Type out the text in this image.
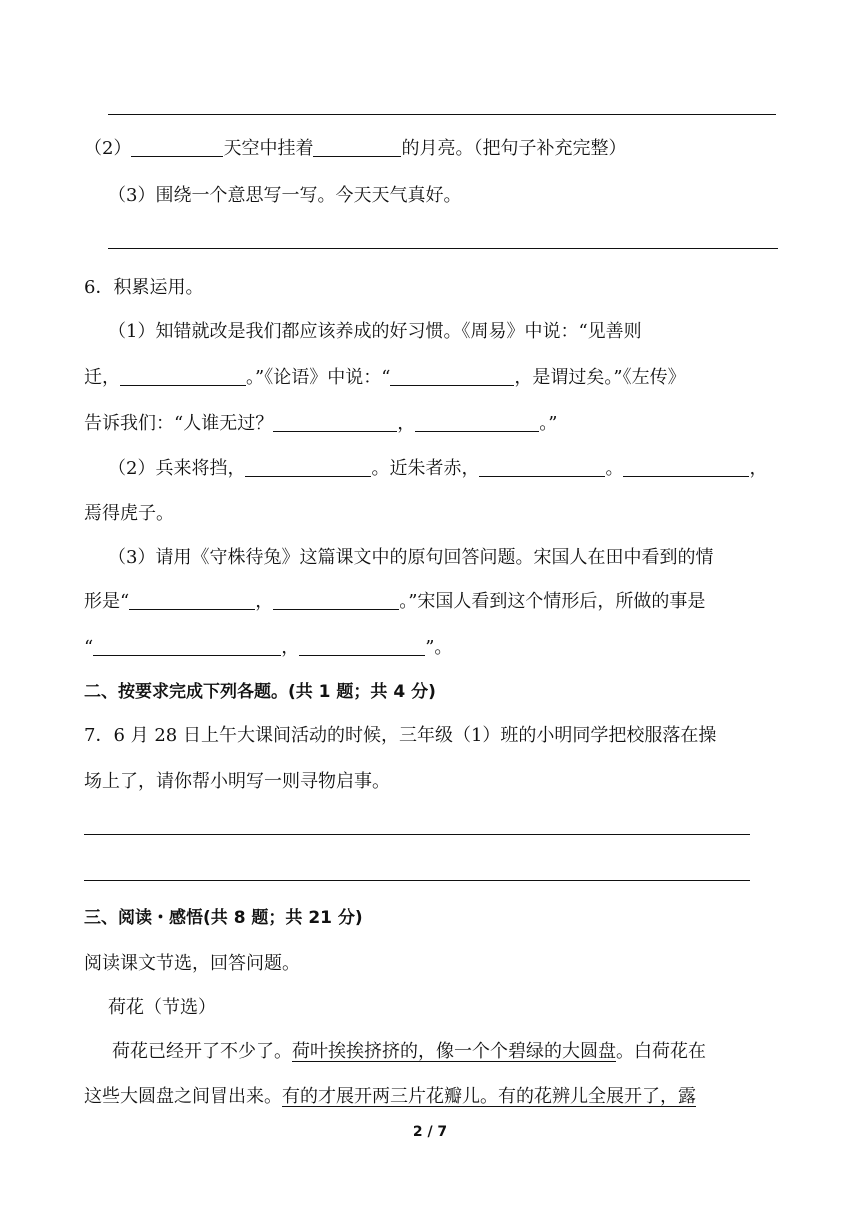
（2）	天空中挂着	的月亮。（把句子补充完整）
（3）围绕一个意思写一写。今天天气真好。
6．积累运用。
（1）知错就改是我们都应该养成的好习惯。《周易》中说：“见善则
迁，	。”《论语》中说：“	，是谓过矣。”《左传》
告诉我们：“人谁无过？	，	。”
（2）兵来将挡，	。近朱者赤，	。	，
焉得虎子。
（3）请用《守株待兔》这篇课文中的原句回答问题。宋国人在田中看到的情
形是“	，	。”宋国人看到这个情形后，所做的事是
“	，	”。
二、按要求完成下列各题。(共 1 题；共 4 分)
7．6 月 28 日上午大课间活动的时候，三年级（1）班的小明同学把校服落在操
场上了，请你帮小明写一则寻物启事。
三、阅读・感悟(共 8 题；共 21 分)
阅读课文节选，回答问题。
荷花（节选）
荷花已经开了不少了。荷叶挨挨挤挤的，像一个个碧绿的大圆盘。白荷花在
这些大圆盘之间冒出来。有的才展开两三片花瓣儿。有的花辨儿全展开了，露
2 / 7
